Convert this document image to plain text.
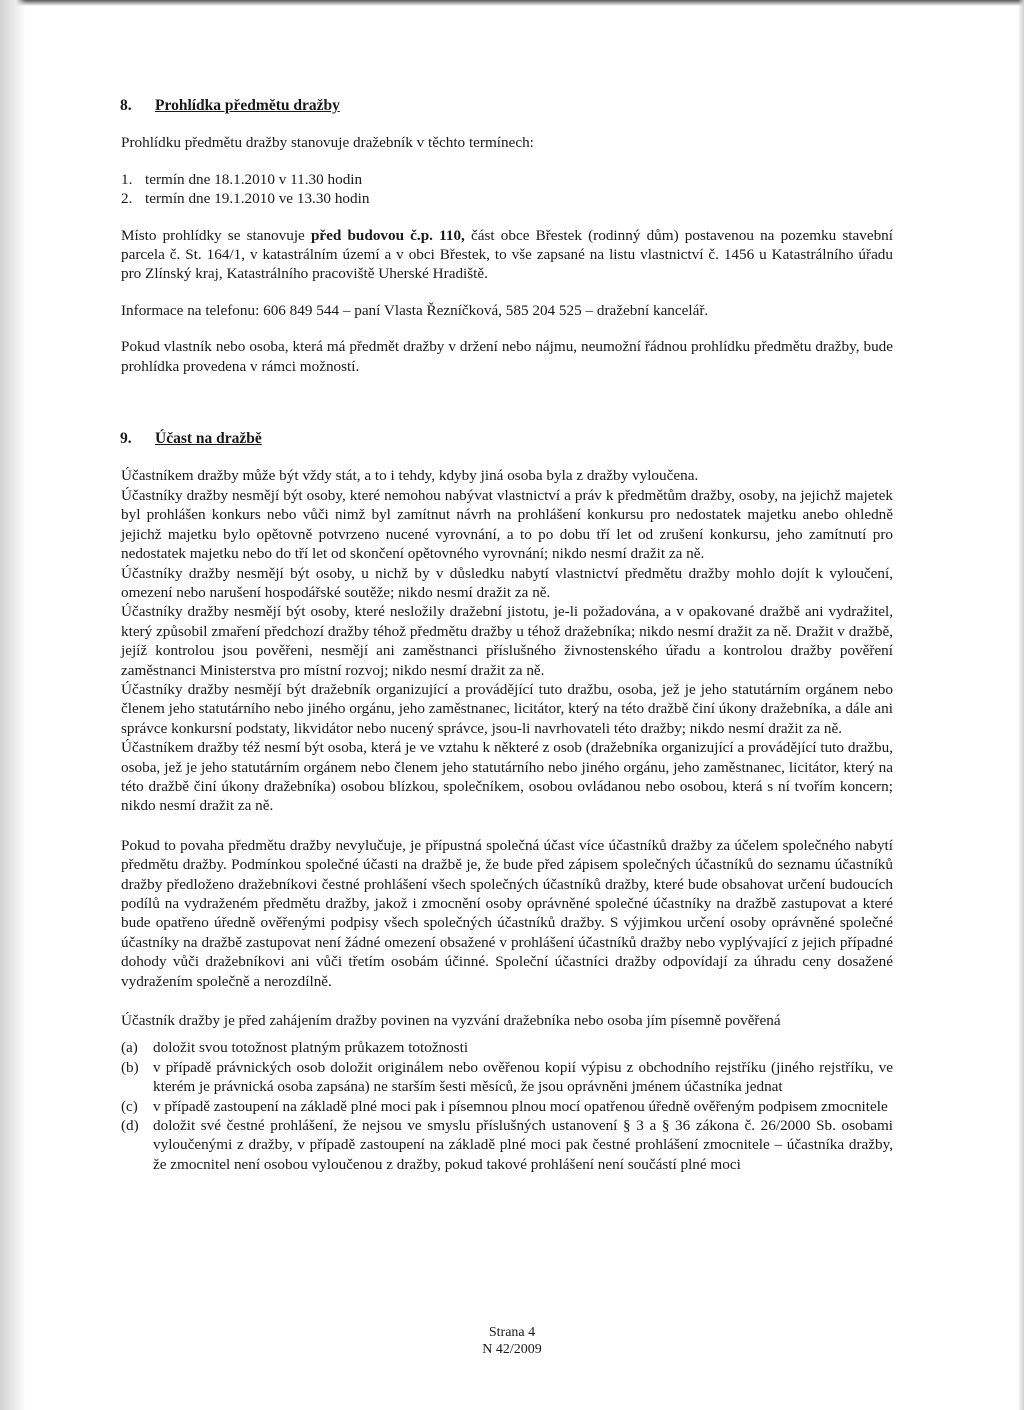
8.	Prohlídka předmětu dražby

Prohlídku předmětu dražby stanovuje dražebník v těchto termínech:

1. termín dne 18.1.2010 v 11.30 hodin
2. termín dne 19.1.2010 ve 13.30 hodin

Místo prohlídky se stanovuje před budovou č.p. 110, část obce Břestek (rodinný dům) postavenou na pozemku stavební parcela č. St. 164/1, v katastrálním území a v obci Břestek, to vše zapsané na listu vlastnictví č. 1456 u Katastrálního úřadu pro Zlínský kraj, Katastrálního pracoviště Uherské Hradiště.

Informace na telefonu: 606 849 544 – paní Vlasta Řezníčková, 585 204 525 – dražební kancelář.

Pokud vlastník nebo osoba, která má předmět dražby v držení nebo nájmu, neumožní řádnou prohlídku předmětu dražby, bude prohlídka provedena v rámci možností.

9.	Účast na dražbě

Účastníkem dražby může být vždy stát, a to i tehdy, kdyby jiná osoba byla z dražby vyloučena.

Účastníky dražby nesmějí být osoby, které nemohou nabývat vlastnictví a práv k předmětům dražby, osoby, na jejichž majetek byl prohlášen konkurs nebo vůči nimž byl zamítnut návrh na prohlášení konkursu pro nedostatek majetku anebo ohledně jejichž majetku bylo opětovně potvrzeno nucené vyrovnání, a to po dobu tří let od zrušení konkursu, jeho zamítnutí pro nedostatek majetku nebo do tří let od skončení opětovného vyrovnání; nikdo nesmí dražit za ně.

Účastníky dražby nesmějí být osoby, u nichž by v důsledku nabytí vlastnictví předmětu dražby mohlo dojít k vyloučení, omezení nebo narušení hospodářské soutěže; nikdo nesmí dražit za ně.

Účastníky dražby nesmějí být osoby, které nesložily dražební jistotu, je-li požadována, a v opakované dražbě ani vydražitel, který způsobil zmaření předchozí dražby téhož předmětu dražby u téhož dražebníka; nikdo nesmí dražit za ně. Dražit v dražbě, jejíž kontrolou jsou pověřeni, nesmějí ani zaměstnanci příslušného živnostenského úřadu a kontrolou dražby pověření zaměstnanci Ministerstva pro místní rozvoj; nikdo nesmí dražit za ně.

Účastníky dražby nesmějí být dražebník organizující a provádějící tuto dražbu, osoba, jež je jeho statutárním orgánem nebo členem jeho statutárního nebo jiného orgánu, jeho zaměstnanec, licitátor, který na této dražbě činí úkony dražebníka, a dále ani správce konkursní podstaty, likvidátor nebo nucený správce, jsou-li navrhovateli této dražby; nikdo nesmí dražit za ně.

Účastníkem dražby též nesmí být osoba, která je ve vztahu k některé z osob (dražebníka organizující a provádějící tuto dražbu, osoba, jež je jeho statutárním orgánem nebo členem jeho statutárního nebo jiného orgánu, jeho zaměstnanec, licitátor, který na této dražbě činí úkony dražebníka) osobou blízkou, společníkem, osobou ovládanou nebo osobou, která s ní tvořím koncern; nikdo nesmí dražit za ně.

Pokud to povaha předmětu dražby nevylučuje, je přípustná společná účast více účastníků dražby za účelem společného nabytí předmětu dražby. Podmínkou společné účasti na dražbě je, že bude před zápisem společných účastníků do seznamu účastníků dražby předloženo dražebníkovi čestné prohlášení všech společných účastníků dražby, které bude obsahovat určení budoucích podílů na vydraženém předmětu dražby, jakož i zmocnění osoby oprávněné společné účastníky na dražbě zastupovat a které bude opatřeno úředně ověřenými podpisy všech společných účastníků dražby. S výjimkou určení osoby oprávněné společné účastníky na dražbě zastupovat není žádné omezení obsažené v prohlášení účastníků dražby nebo vyplývající z jejich případné dohody vůči dražebníkovi ani vůči třetím osobám účinné. Společní účastníci dražby odpovídají za úhradu ceny dosažené vydražením společně a nerozdílně.

Účastník dražby je před zahájením dražby povinen na vyzvání dražebníka nebo osoba jím písemně pověřená

(a) doložit svou totožnost platným průkazem totožnosti
(b) v případě právnických osob doložit originálem nebo ověřenou kopií výpisu z obchodního rejstříku (jiného rejstříku, ve kterém je právnická osoba zapsána) ne starším šesti měsíců, že jsou oprávněni jménem účastníka jednat
(c) v případě zastoupení na základě plné moci pak i písemnou plnou mocí opatřenou úředně ověřeným podpisem zmocnitele
(d) doložit své čestné prohlášení, že nejsou ve smyslu příslušných ustanovení § 3 a § 36 zákona č. 26/2000 Sb. osobami vyloučenými z dražby, v případě zastoupení na základě plné moci pak čestné prohlášení zmocnitele – účastníka dražby, že zmocnitel není osobou vyloučenou z dražby, pokud takové prohlášení není součástí plné moci
Strana 4
N 42/2009
